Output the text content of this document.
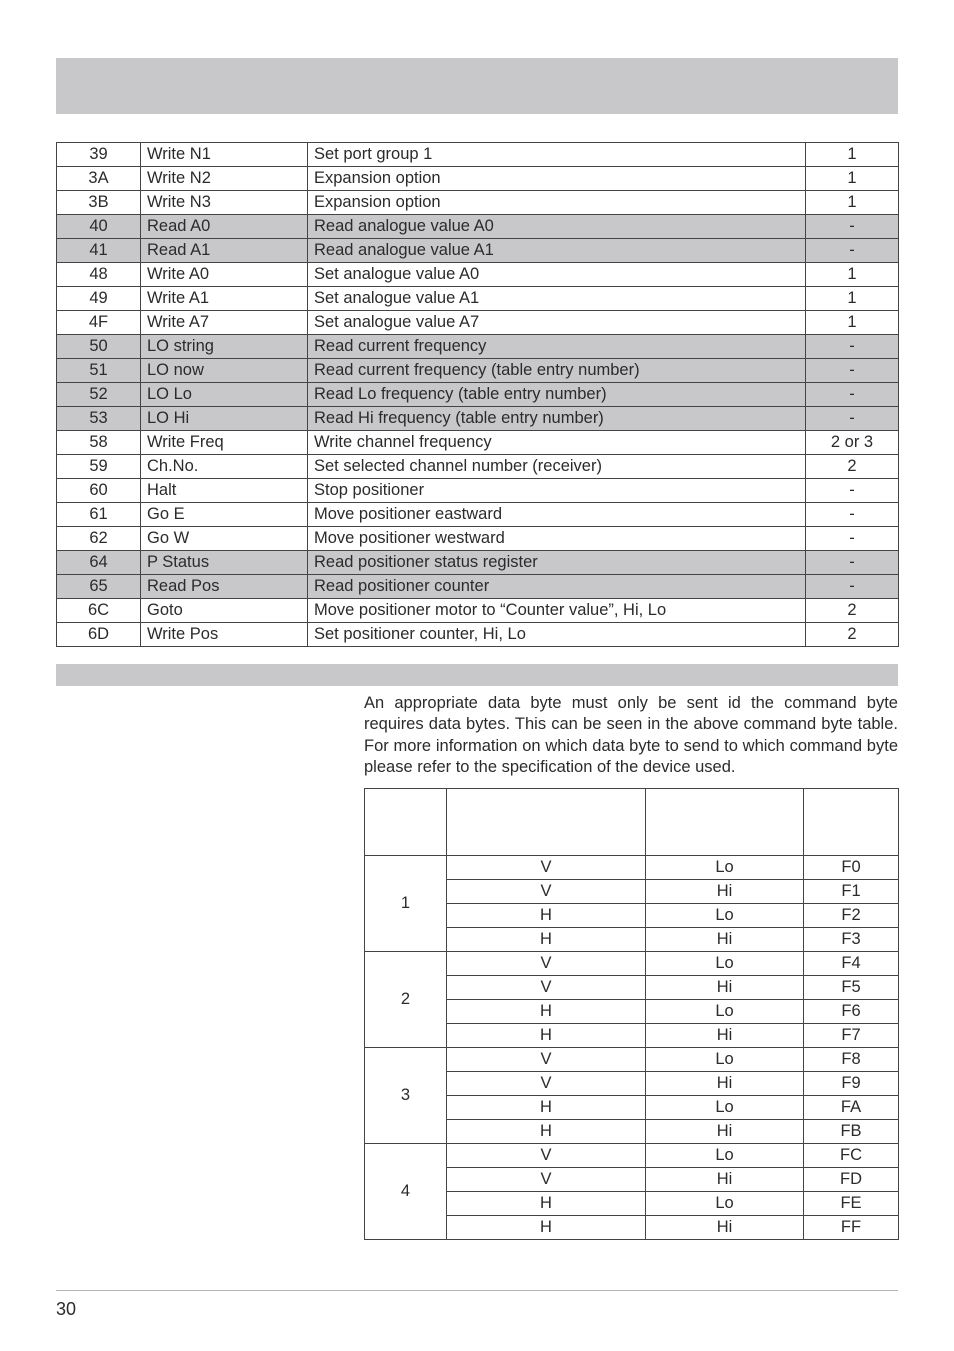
39	Write N1	Set port group 1	1
3A	Write N2	Expansion option	1
3B	Write N3	Expansion option	1
40	Read A0	Read analogue value A0	-
41	Read A1	Read analogue value A1	-
48	Write A0	Set analogue value A0	1
49	Write A1	Set analogue value A1	1
4F	Write A7	Set analogue value A7	1
50	LO string	Read current frequency	-
51	LO now	Read current frequency (table entry number)	-
52	LO Lo	Read Lo frequency (table entry number)	-
53	LO Hi	Read Hi frequency (table entry number)	-
58	Write Freq	Write channel frequency	2 or 3
59	Ch.No.	Set selected channel number (receiver)	2
60	Halt	Stop positioner	-
61	Go E	Move positioner eastward	-
62	Go W	Move positioner westward	-
64	P Status	Read positioner status register	-
65	Read Pos	Read positioner counter	-
6C	Goto	Move positioner motor to “Counter value”, Hi, Lo	2
6D	Write Pos	Set positioner counter, Hi, Lo	2

An appropriate data byte must only be sent id the command byte requires data bytes. This can be seen in the above command byte table. For more information on which data byte to send to which command byte please refer to the specification of the device used.

1	V	Lo	F0
	V	Hi	F1
	H	Lo	F2
	H	Hi	F3
2	V	Lo	F4
	V	Hi	F5
	H	Lo	F6
	H	Hi	F7
3	V	Lo	F8
	V	Hi	F9
	H	Lo	FA
	H	Hi	FB
4	V	Lo	FC
	V	Hi	FD
	H	Lo	FE
	H	Hi	FF
30
